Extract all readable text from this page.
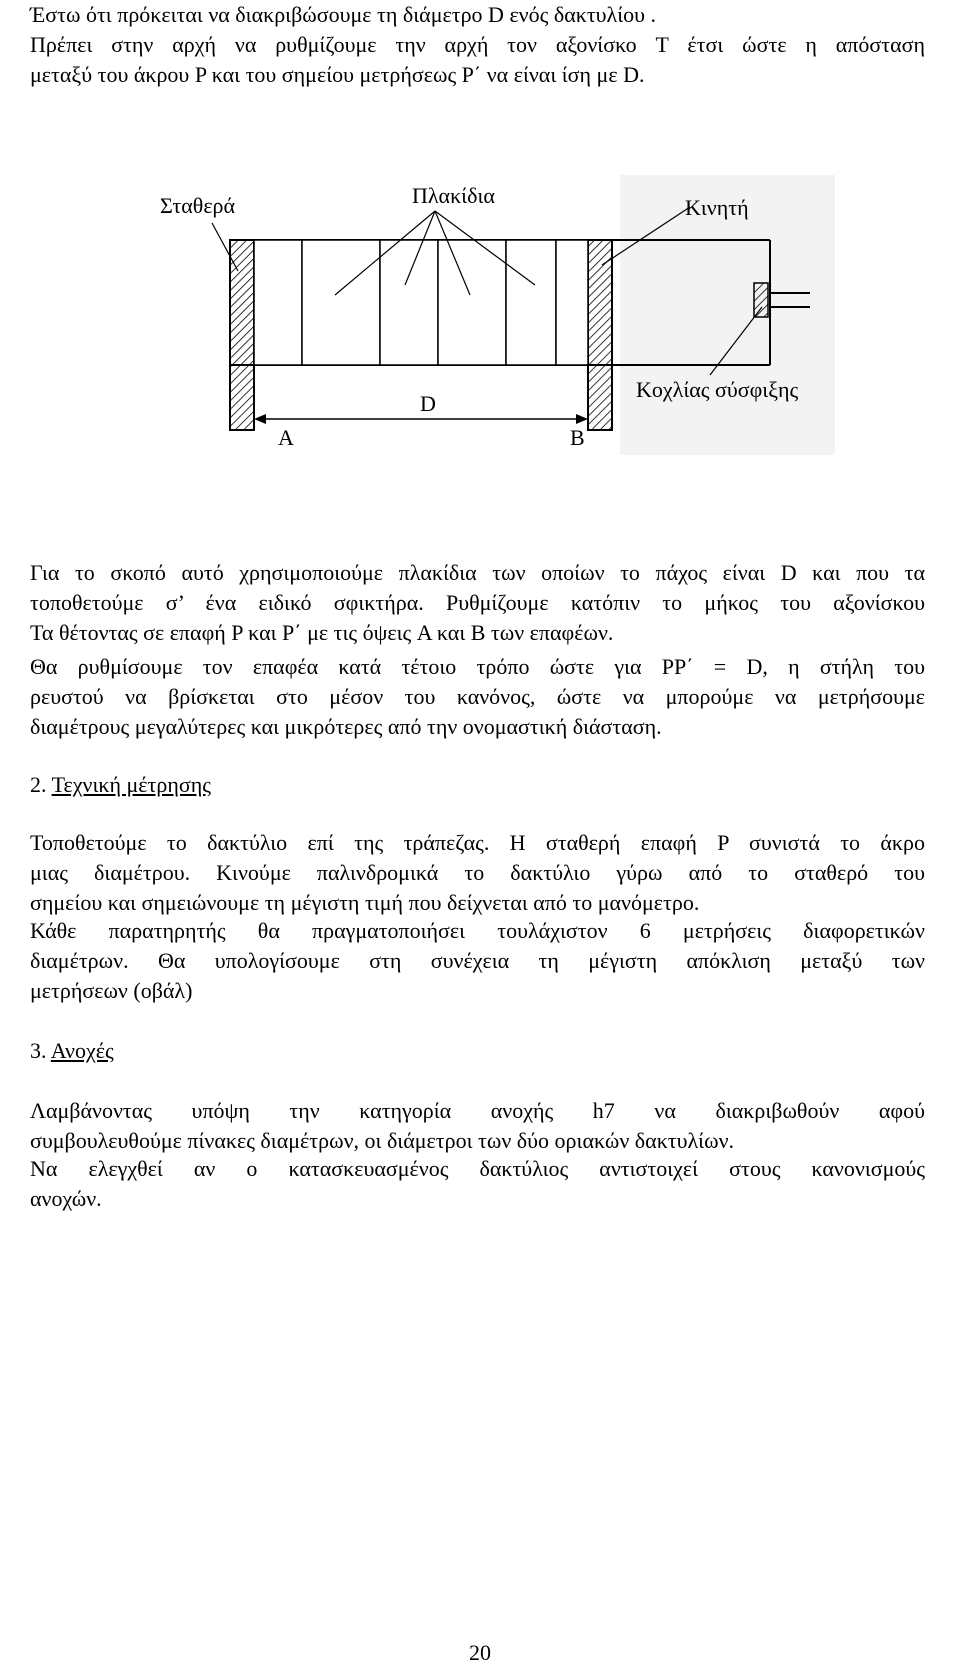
Έστω ότι πρόκειται να διακριβώσουμε τη διάμετρο D ενός δακτυλίου .
Πρέπει στην αρχή να ρυθμίζουμε την αρχή τον αξονίσκο T έτσι ώστε η απόσταση
μεταξύ του άκρου P και του σημείου μετρήσεως P΄ να είναι ίση με D.
Σταθερά	Πλακίδια	Κινητή
Κοχλίας σύσφιξης
D
A	B
Για το σκοπό αυτό χρησιμοποιούμε πλακίδια των οποίων το πάχος είναι D και που τα
τοποθετούμε σ’ ένα ειδικό σφικτήρα. Ρυθμίζουμε κατόπιν το μήκος του αξονίσκου
Τα θέτοντας σε επαφή P και P΄ με τις όψεις A και B των επαφέων.
Θα ρυθμίσουμε τον επαφέα κατά τέτοιο τρόπο ώστε για PP΄ = D, η στήλη του
ρευστού να βρίσκεται στο μέσον του κανόνος, ώστε να μπορούμε να μετρήσουμε
διαμέτρους μεγαλύτερες και μικρότερες από την ονομαστική διάσταση.
2. Τεχνική μέτρησης
Τοποθετούμε το δακτύλιο επί της τράπεζας. Η σταθερή επαφή P συνιστά το άκρο
μιας διαμέτρου. Κινούμε παλινδρομικά το δακτύλιο γύρω από το σταθερό του
σημείου και σημειώνουμε τη μέγιστη τιμή που δείχνεται από το μανόμετρο.
Κάθε παρατηρητής θα πραγματοποιήσει τουλάχιστον 6 μετρήσεις διαφορετικών
διαμέτρων. Θα υπολογίσουμε στη συνέχεια τη μέγιστη απόκλιση μεταξύ των
μετρήσεων (οβάλ)
3. Ανοχές
Λαμβάνοντας υπόψη την κατηγορία ανοχής h7 να διακριβωθούν αφού
συμβουλευθούμε πίνακες διαμέτρων, οι διάμετροι των δύο οριακών δακτυλίων.
Να ελεγχθεί αν ο κατασκευασμένος δακτύλιος αντιστοιχεί στους κανονισμούς
ανοχών.
20
